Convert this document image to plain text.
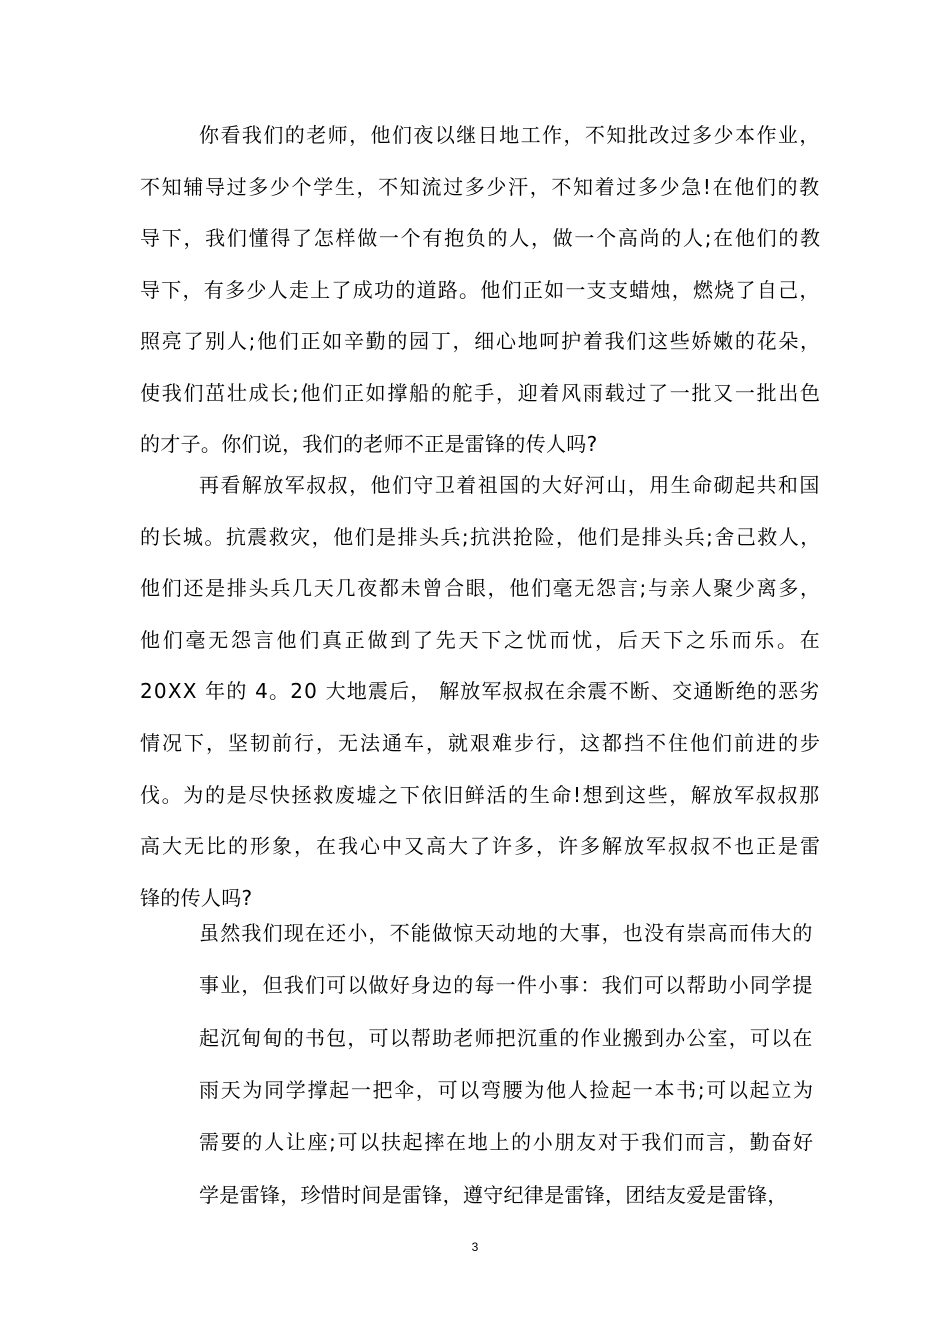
你看我们的老师，他们夜以继日地工作，不知批改过多少本作业，
不知辅导过多少个学生，不知流过多少汗，不知着过多少急!在他们的教
导下，我们懂得了怎样做一个有抱负的人，做一个高尚的人;在他们的教
导下，有多少人走上了成功的道路。他们正如一支支蜡烛，燃烧了自己，
照亮了别人;他们正如辛勤的园丁，细心地呵护着我们这些娇嫩的花朵，
使我们茁壮成长;他们正如撑船的舵手，迎着风雨载过了一批又一批出色
的才子。你们说，我们的老师不正是雷锋的传人吗?
再看解放军叔叔，他们守卫着祖国的大好河山，用生命砌起共和国
的长城。抗震救灾，他们是排头兵;抗洪抢险，他们是排头兵;舍己救人，
他们还是排头兵几天几夜都未曾合眼，他们毫无怨言;与亲人聚少离多，
他们毫无怨言他们真正做到了先天下之忧而忧，后天下之乐而乐。在
20XX 年的 4。20 大地震后， 解放军叔叔在余震不断、交通断绝的恶劣
情况下，坚韧前行，无法通车，就艰难步行，这都挡不住他们前进的步
伐。为的是尽快拯救废墟之下依旧鲜活的生命!想到这些，解放军叔叔那
高大无比的形象，在我心中又高大了许多，许多解放军叔叔不也正是雷
锋的传人吗?
虽然我们现在还小，不能做惊天动地的大事，也没有崇高而伟大的
事业，但我们可以做好身边的每一件小事：我们可以帮助小同学提
起沉甸甸的书包，可以帮助老师把沉重的作业搬到办公室，可以在
雨天为同学撑起一把伞，可以弯腰为他人捡起一本书;可以起立为
需要的人让座;可以扶起摔在地上的小朋友对于我们而言，勤奋好
学是雷锋，珍惜时间是雷锋，遵守纪律是雷锋，团结友爱是雷锋，
3
